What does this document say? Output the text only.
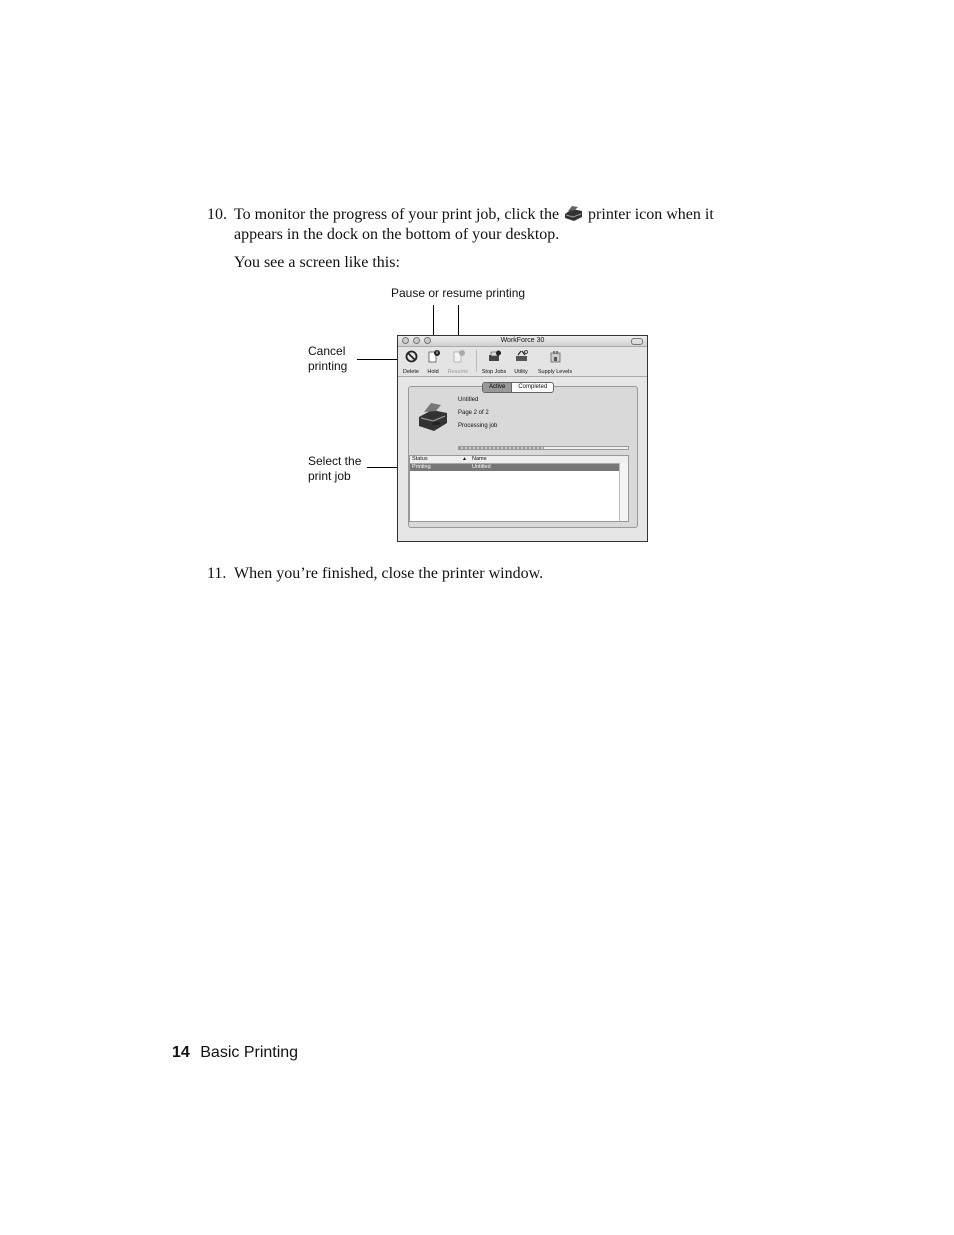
10. To monitor the progress of your print job, click the printer icon when it
appears in the dock on the bottom of your desktop.
You see a screen like this:
Pause or resume printing
Cancel
printing
Select the
print job
WorkForce 30
Delete	Hold	Resume	Stop Jobs	Utility	Supply Levels
Active	Completed
Untitled
Page 2 of 2
Processing job
Status	▲ Name
Printing	Untitled
11. When you’re finished, close the printer window.
14 Basic Printing
